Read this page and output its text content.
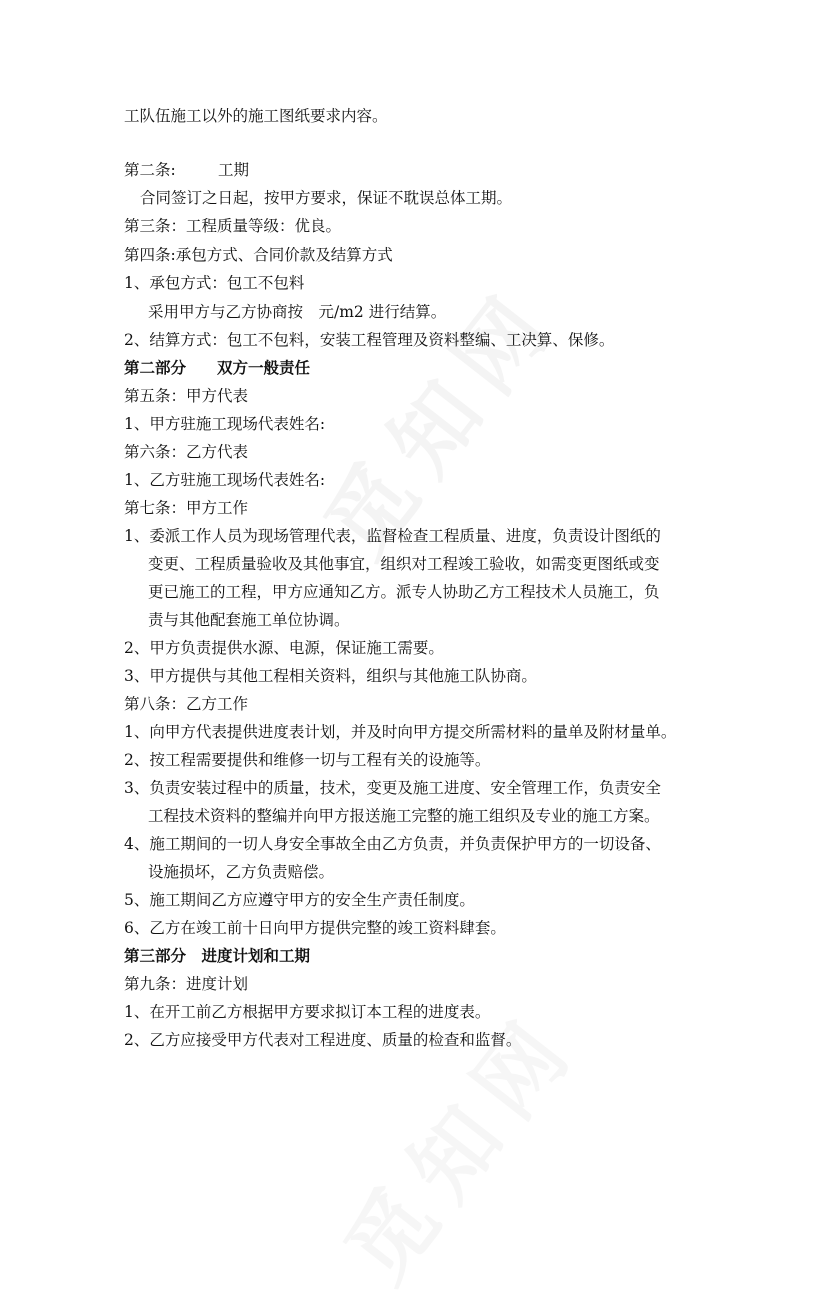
工队伍施工以外的施工图纸要求内容。
第二条:	工期
合同签订之日起，按甲方要求，保证不耽误总体工期。
第三条：工程质量等级：优良。
第四条:承包方式、合同价款及结算方式
1、承包方式：包工不包料
采用甲方与乙方协商按　元/m2 进行结算。
2、结算方式：包工不包料，安装工程管理及资料整编、工决算、保修。
第二部分　　双方一般责任
第五条：甲方代表
1、甲方驻施工现场代表姓名:
第六条：乙方代表
1、乙方驻施工现场代表姓名:
第七条：甲方工作
1、委派工作人员为现场管理代表，监督检查工程质量、进度，负责设计图纸的
变更、工程质量验收及其他事宜，组织对工程竣工验收，如需变更图纸或变
更已施工的工程，甲方应通知乙方。派专人协助乙方工程技术人员施工，负
责与其他配套施工单位协调。
2、甲方负责提供水源、电源，保证施工需要。
3、甲方提供与其他工程相关资料，组织与其他施工队协商。
第八条：乙方工作
1、向甲方代表提供进度表计划，并及时向甲方提交所需材料的量单及附材量单。
2、按工程需要提供和维修一切与工程有关的设施等。
3、负责安装过程中的质量，技术，变更及施工进度、安全管理工作，负责安全
工程技术资料的整编并向甲方报送施工完整的施工组织及专业的施工方案。
4、施工期间的一切人身安全事故全由乙方负责，并负责保护甲方的一切设备、
设施损坏，乙方负责赔偿。
5、施工期间乙方应遵守甲方的安全生产责任制度。
6、乙方在竣工前十日向甲方提供完整的竣工资料肆套。
第三部分　进度计划和工期
第九条：进度计划
1、在开工前乙方根据甲方要求拟订本工程的进度表。
2、乙方应接受甲方代表对工程进度、质量的检查和监督。
